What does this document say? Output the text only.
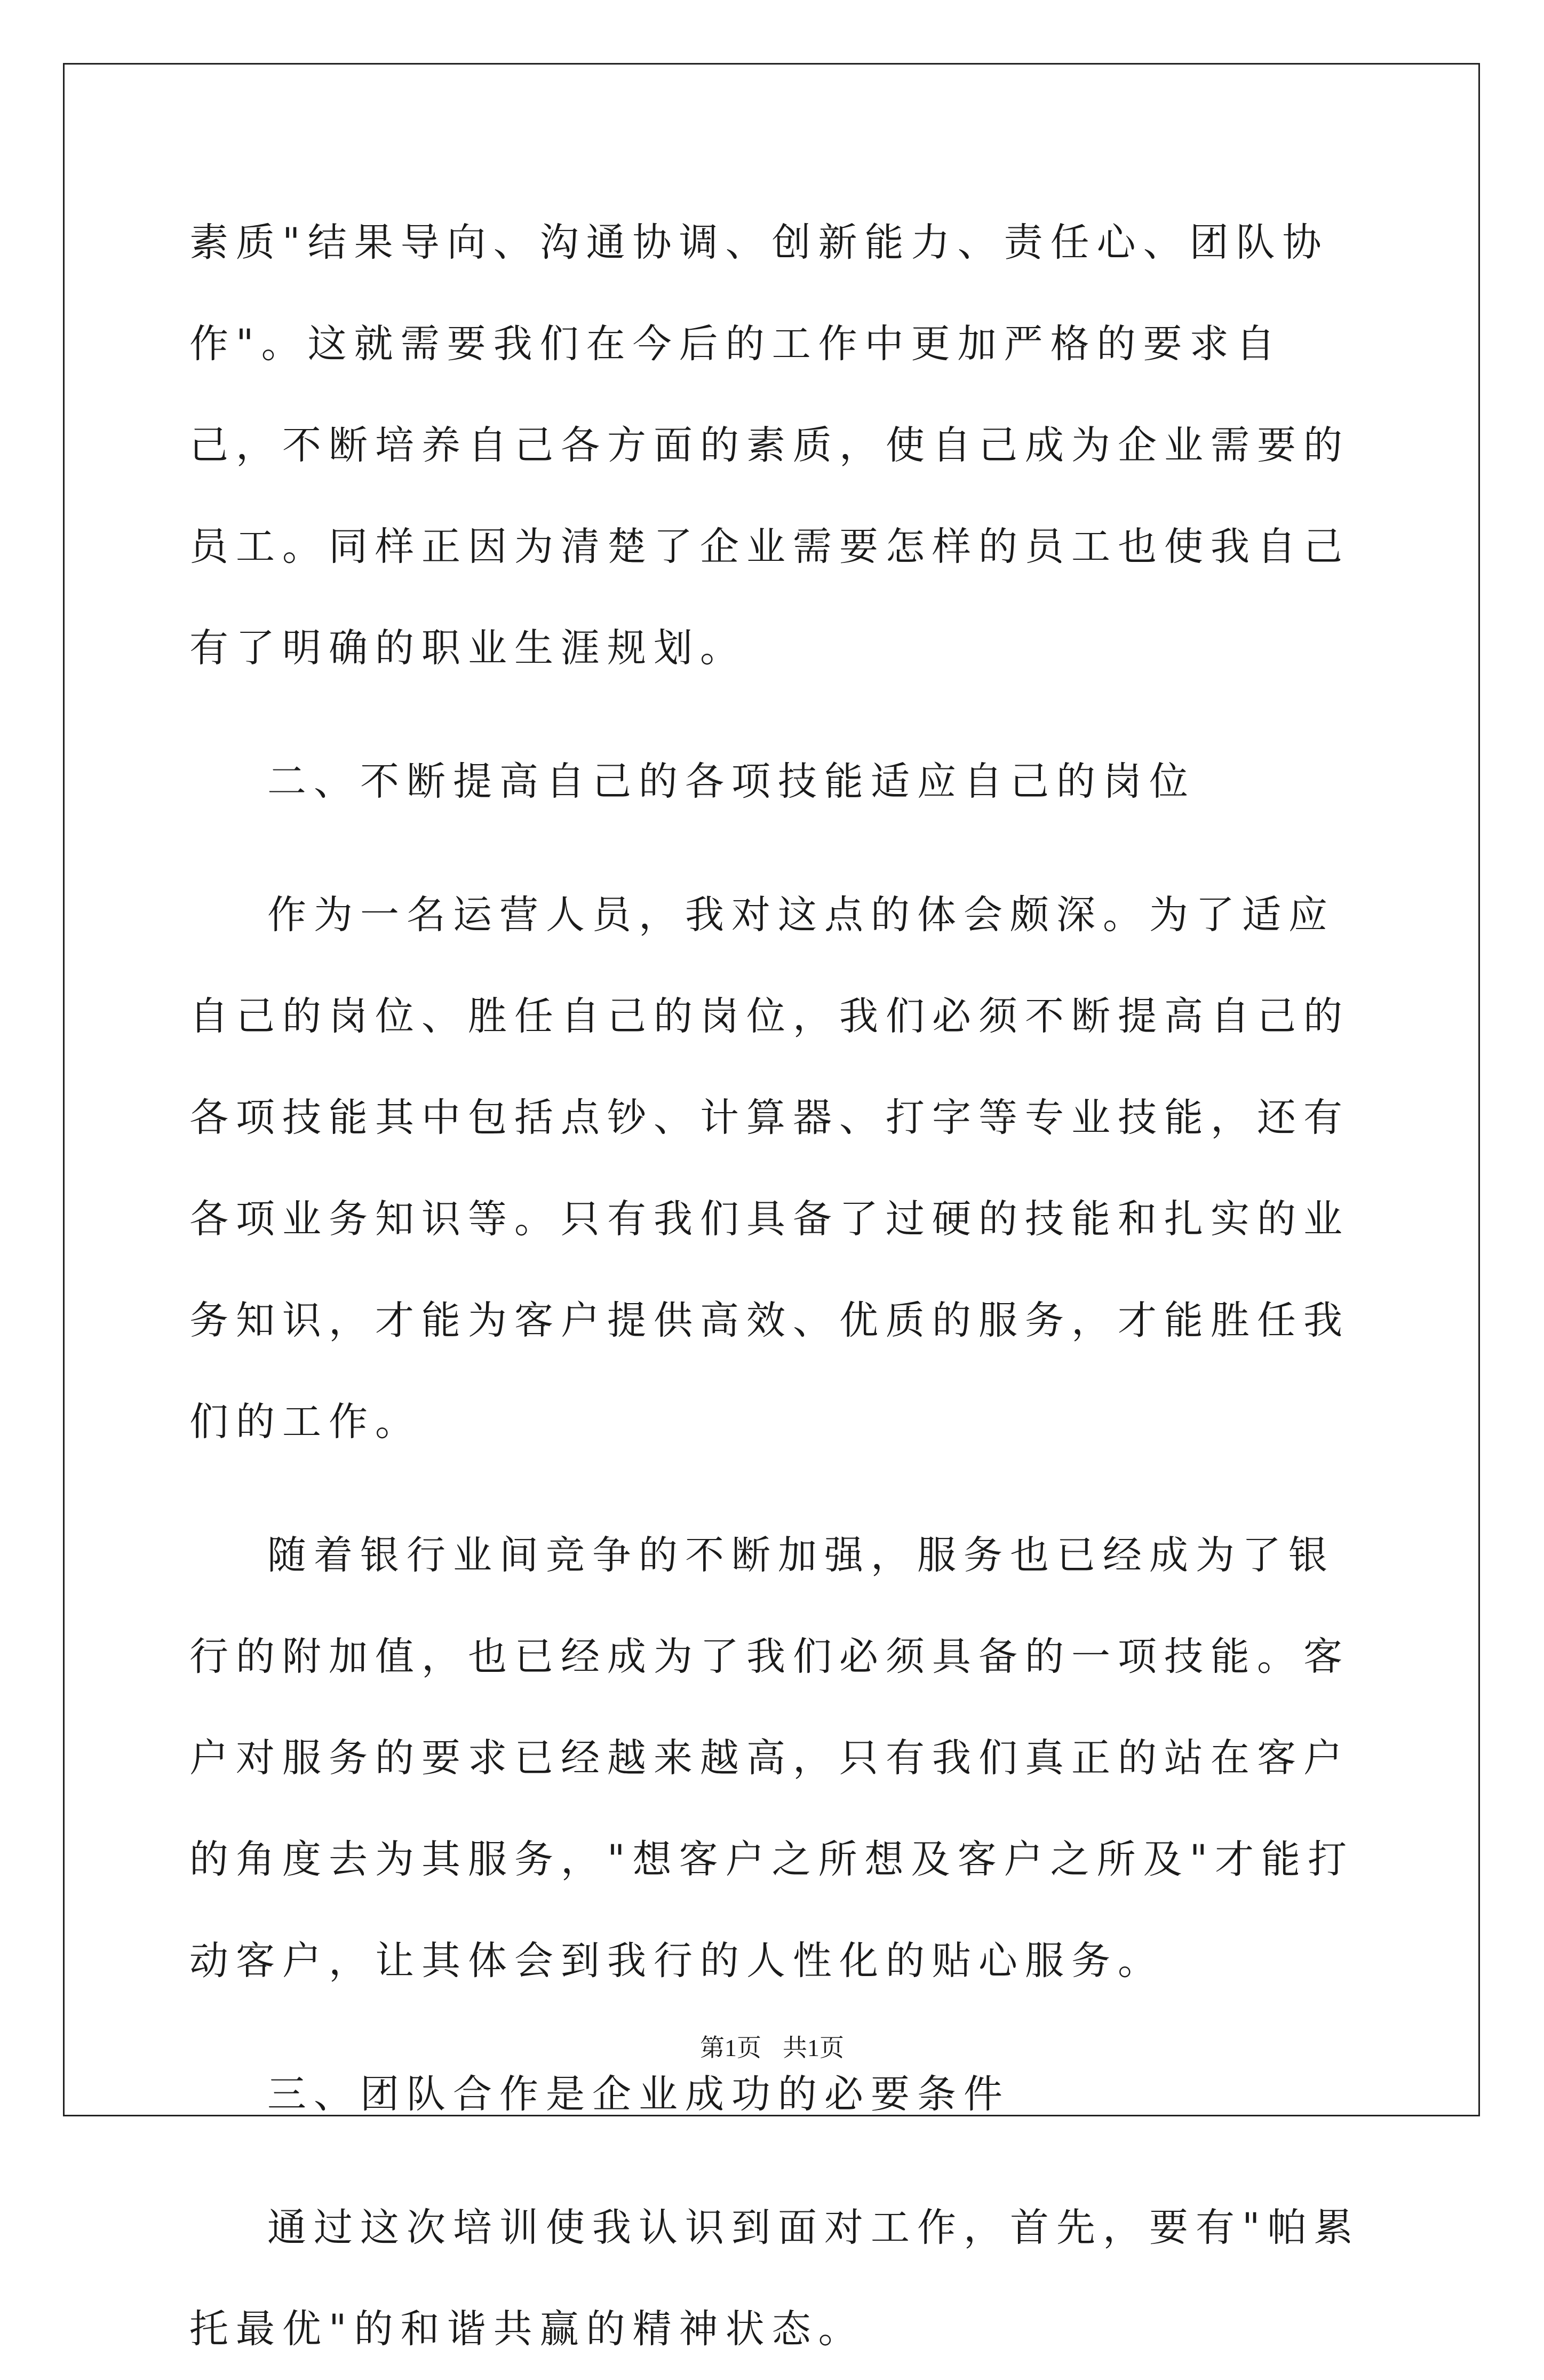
素质"结果导向、沟通协调、创新能力、责任心、团队协作"。这就需要我们在今后的工作中更加严格的要求自己，不断培养自己各方面的素质，使自己成为企业需要的员工。同样正因为清楚了企业需要怎样的员工也使我自己有了明确的职业生涯规划。

二、不断提高自己的各项技能适应自己的岗位

作为一名运营人员，我对这点的体会颇深。为了适应自己的岗位、胜任自己的岗位，我们必须不断提高自己的各项技能其中包括点钞、计算器、打字等专业技能，还有各项业务知识等。只有我们具备了过硬的技能和扎实的业务知识，才能为客户提供高效、优质的服务，才能胜任我们的工作。

随着银行业间竞争的不断加强，服务也已经成为了银行的附加值，也已经成为了我们必须具备的一项技能。客户对服务的要求已经越来越高，只有我们真正的站在客户的角度去为其服务，"想客户之所想及客户之所及"才能打动客户，让其体会到我行的人性化的贴心服务。

三、团队合作是企业成功的必要条件

通过这次培训使我认识到面对工作，首先，要有"帕累托最优"的和谐共赢的精神状态。

第1页 共1页
